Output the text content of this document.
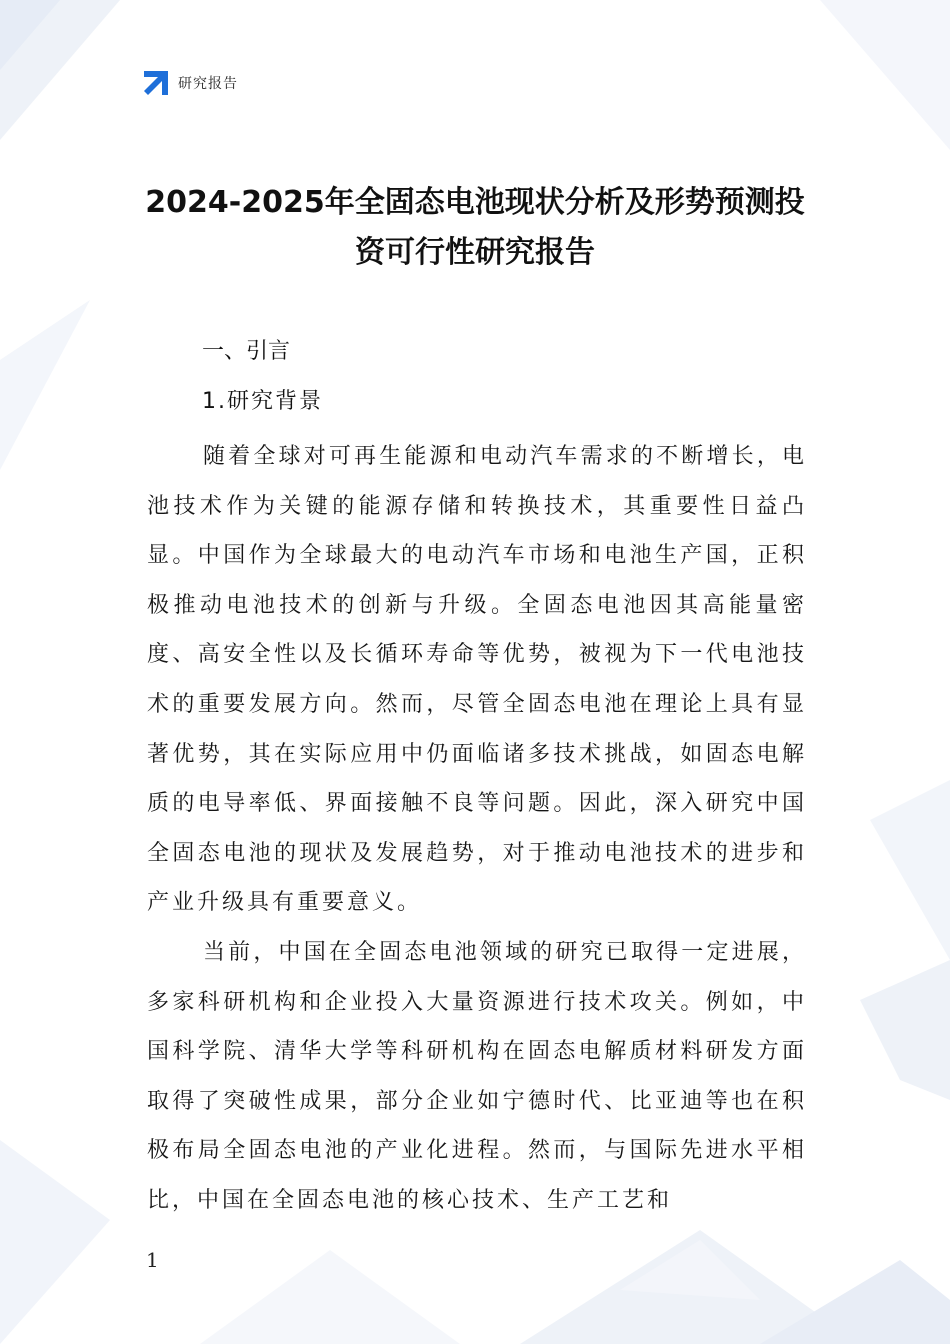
研究报告
2024-2025年全固态电池现状分析及形势预测投
资可行性研究报告
一、引言
1.研究背景

随着全球对可再生能源和电动汽车需求的不断增长，电池技术作为关键的能源存储和转换技术，其重要性日益凸显。中国作为全球最大的电动汽车市场和电池生产国，正积极推动电池技术的创新与升级。全固态电池因其高能量密度、高安全性以及长循环寿命等优势，被视为下一代电池技术的重要发展方向。然而，尽管全固态电池在理论上具有显著优势，其在实际应用中仍面临诸多技术挑战，如固态电解质的电导率低、界面接触不良等问题。因此，深入研究中国全固态电池的现状及发展趋势，对于推动电池技术的进步和产业升级具有重要意义。

当前，中国在全固态电池领域的研究已取得一定进展，多家科研机构和企业投入大量资源进行技术攻关。例如，中国科学院、清华大学等科研机构在固态电解质材料研发方面取得了突破性成果，部分企业如宁德时代、比亚迪等也在积极布局全固态电池的产业化进程。然而，与国际先进水平相比，中国在全固态电池的核心技术、生产工艺和

1
